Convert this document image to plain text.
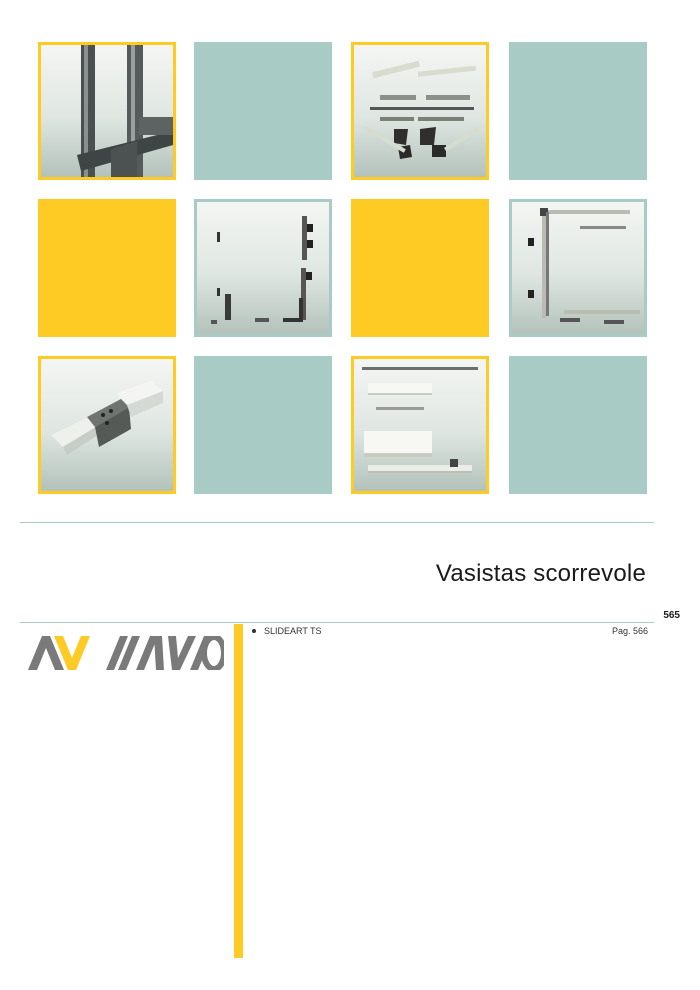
Vasistas scorrevole
565
SLIDEART TS	Pag. 566
